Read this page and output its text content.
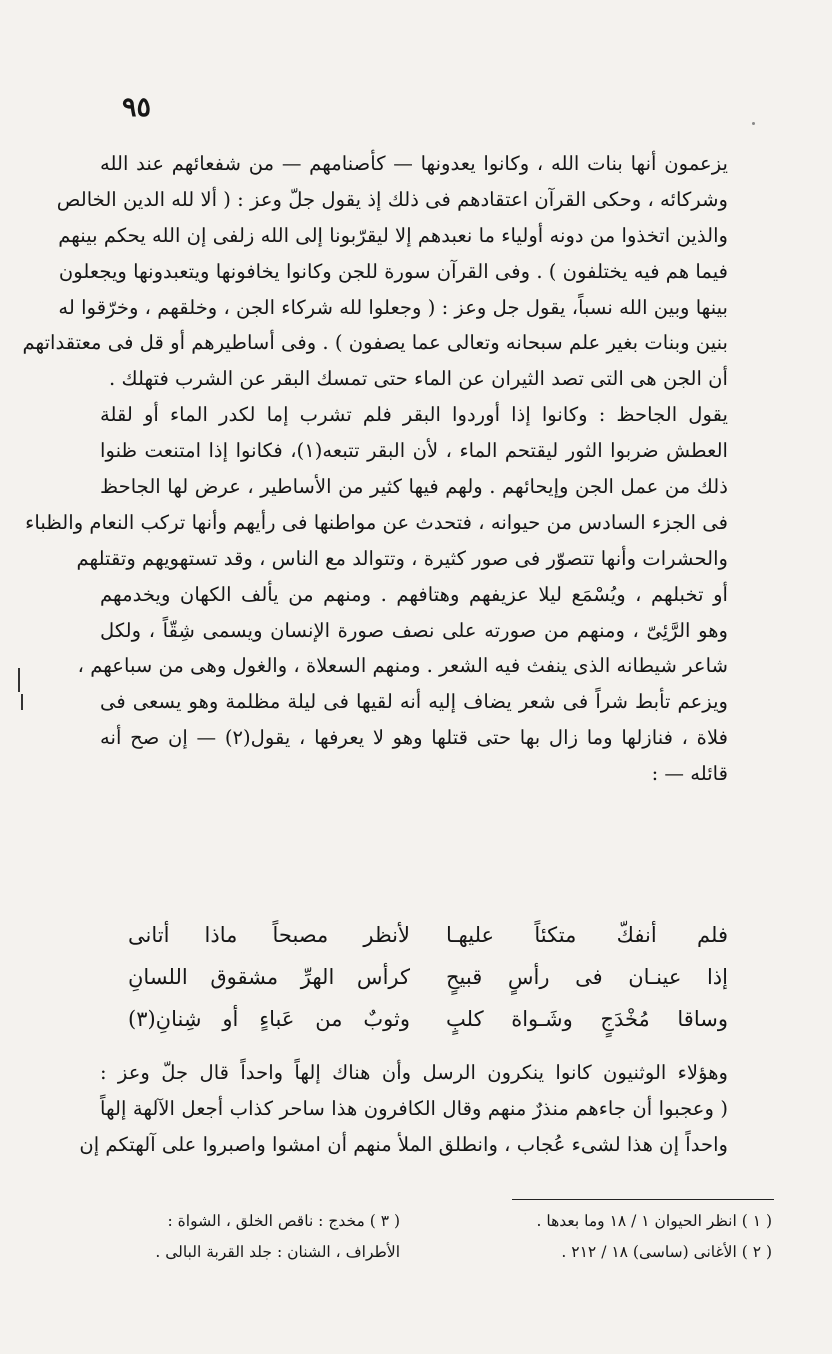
٩٥
يزعمون أنها بنات الله ، وكانوا يعدونها — كأصنامهم — من شفعائهم عند الله
وشركائه ، وحكى القرآن اعتقادهم فى ذلك إذ يقول جلّ وعز : ( ألا لله الدين الخالص
والذين اتخذوا من دونه أولياء ما نعبدهم إلا ليقرّبونا إلى الله زلفى إن الله يحكم بينهم
فيما هم فيه يختلفون ) . وفى القرآن سورة للجن وكانوا يخافونها ويتعبدونها ويجعلون
بينها وبين الله نسباً، يقول جل وعز : ( وجعلوا لله شركاء الجن ، وخلقهم ، وخرّقوا له
بنين وبنات بغير علم سبحانه وتعالى عما يصفون ) . وفى أساطيرهم أو قل فى معتقداتهم
أن الجن هى التى تصد الثيران عن الماء حتى تمسك البقر عن الشرب فتهلك .
يقول الجاحظ : وكانوا إذا أوردوا البقر فلم تشرب إما لكدر الماء أو لقلة
العطش ضربوا الثور ليقتحم الماء ، لأن البقر تتبعه(١)، فكانوا إذا امتنعت ظنوا
ذلك من عمل الجن وإيحائهم . ولهم فيها كثير من الأساطير ، عرض لها الجاحظ
فى الجزء السادس من حيوانه ، فتحدث عن مواطنها فى رأيهم وأنها تركب النعام والظباء
والحشرات وأنها تتصوّر فى صور كثيرة ، وتتوالد مع الناس ، وقد تستهويهم وتقتلهم
أو تخبلهم ، ويُسْمَع ليلا عزيفهم وهتافهم . ومنهم من يألف الكهان ويخدمهم
وهو الرَّئِىّ ، ومنهم من صورته على نصف صورة الإنسان ويسمى شِقّاً ، ولكل
شاعر شيطانه الذى ينفث فيه الشعر . ومنهم السعلاة ، والغول وهى من سباعهم ،
ويزعم تأبط شراً فى شعر يضاف إليه أنه لقيها فى ليلة مظلمة وهو يسعى فى
فلاة ، فنازلها وما زال بها حتى قتلها وهو لا يعرفها ، يقول(٢) — إن صح أنه
قائله — :
فلم أنفكّ متكئاً عليهـا
لأنظر مصبحاً ماذا أتانى
إذا عينـان فى رأسٍ قبيحٍ
كرأس الهرِّ مشقوق اللسانِ
وساقا مُخْدَجٍ وشَـواة كلبٍ
وثوبٌ من عَباءٍ أو شِنانِ(٣)
وهؤلاء الوثنيون كانوا ينكرون الرسل وأن هناك إلهاً واحداً قال جلّ وعز :
( وعجبوا أن جاءهم منذرٌ منهم وقال الكافرون هذا ساحر كذاب أجعل الآلهة إلهاً
واحداً إن هذا لشىء عُجاب ، وانطلق الملأ منهم أن امشوا واصبروا على آلهتكم إن
( ١ ) انظر الحيوان ١ / ١٨ وما بعدها .
( ٢ ) الأغانى (ساسى) ١٨ / ٢١٢ .
( ٣ ) مخدج : ناقص الخلق ، الشواة :
الأطراف ، الشنان : جلد القربة البالى .
